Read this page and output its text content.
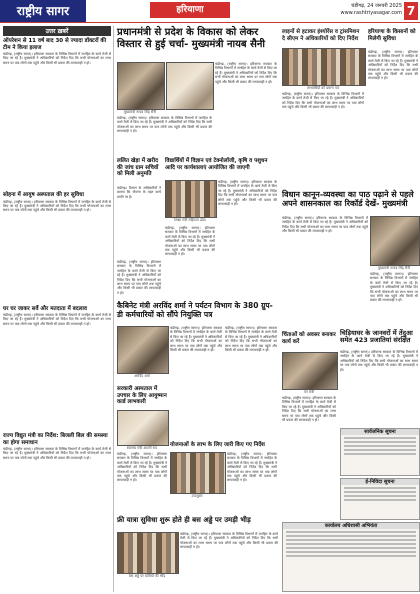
राष्ट्रीय सागर	हरियाणा	चंडीगढ़, 24 जनवरी 2025
www.rashtriyasagar.com 7
उत्तर ख़बरें
ऑपरेशन से 11 वर्ष बाद 30 से ज्यादा डॉक्टरों की टीम ने किया इलाज
चंडीगढ़, (राष्ट्रीय सागर)। हरियाणा सरकार के विभिन्न विभागों में जनहित के कार्य तेजी से किए जा रहे हैं। मुख्यमंत्री ने अधिकारियों को निर्देश दिए कि सभी योजनाओं का लाभ समय पर पात्र लोगों तक पहुंचे और किसी भी प्रकार की लापरवाही न हो।
सोहना में आयुष अस्पताल की हर सुविधा
चंडीगढ़, (राष्ट्रीय सागर)। हरियाणा सरकार के विभिन्न विभागों में जनहित के कार्य तेजी से किए जा रहे हैं। मुख्यमंत्री ने अधिकारियों को निर्देश दिए कि सभी योजनाओं का लाभ समय पर पात्र लोगों तक पहुंचे और किसी भी प्रकार की लापरवाही न हो।
घर घर जाकर सर्वे और मतदाता में बदलाव
चंडीगढ़, (राष्ट्रीय सागर)। हरियाणा सरकार के विभिन्न विभागों में जनहित के कार्य तेजी से किए जा रहे हैं। मुख्यमंत्री ने अधिकारियों को निर्देश दिए कि सभी योजनाओं का लाभ समय पर पात्र लोगों तक पहुंचे और किसी भी प्रकार की लापरवाही न हो।
राज्य विद्युत मंत्री का निर्देश: बिजली बिल की समस्या का होगा समाधान
चंडीगढ़, (राष्ट्रीय सागर)। हरियाणा सरकार के विभिन्न विभागों में जनहित के कार्य तेजी से किए जा रहे हैं। मुख्यमंत्री ने अधिकारियों को निर्देश दिए कि सभी योजनाओं का लाभ समय पर पात्र लोगों तक पहुंचे और किसी भी प्रकार की लापरवाही न हो।
प्रधानमंत्री से प्रदेश के विकास को लेकर विस्तार से हुई चर्चा- मुख्यमंत्री नायब सैनी
मुख्यमंत्री नायब सिंह सैनी
चंडीगढ़, (राष्ट्रीय सागर)। हरियाणा सरकार के विभिन्न विभागों में जनहित के कार्य तेजी से किए जा रहे हैं। मुख्यमंत्री ने अधिकारियों को निर्देश दिए कि सभी योजनाओं का लाभ समय पर पात्र लोगों तक पहुंचे और किसी भी प्रकार की लापरवाही न हो।
चंडीगढ़, (राष्ट्रीय सागर)। हरियाणा सरकार के विभिन्न विभागों में जनहित के कार्य तेजी से किए जा रहे हैं। मुख्यमंत्री ने अधिकारियों को निर्देश दिए कि सभी योजनाओं का लाभ समय पर पात्र लोगों तक पहुंचे और किसी भी प्रकार की लापरवाही न हो।
ललित खेड़ा में खरीद की जांच ग्राम सचिवों को मिली अनुमति
चंडीगढ़। विभाग के अधिकारियों ने बताया कि योजना के तहत कार्य प्रगति पर है।
चंडीगढ़, (राष्ट्रीय सागर)। हरियाणा सरकार के विभिन्न विभागों में जनहित के कार्य तेजी से किए जा रहे हैं। मुख्यमंत्री ने अधिकारियों को निर्देश दिए कि सभी योजनाओं का लाभ समय पर पात्र लोगों तक पहुंचे और किसी भी प्रकार की लापरवाही न हो।
विद्यार्थियों में विज्ञान एवं टेक्नोलॉजी, कृषि व पशुधन आदि पर कार्यशालाएं आयोजित की जाएगी
शिक्षा मंत्री महिपाल ढांडा
चंडीगढ़, (राष्ट्रीय सागर)। हरियाणा सरकार के विभिन्न विभागों में जनहित के कार्य तेजी से किए जा रहे हैं। मुख्यमंत्री ने अधिकारियों को निर्देश दिए कि सभी योजनाओं का लाभ समय पर पात्र लोगों तक पहुंचे और किसी भी प्रकार की लापरवाही न हो।
चंडीगढ़, (राष्ट्रीय सागर)। हरियाणा सरकार के विभिन्न विभागों में जनहित के कार्य तेजी से किए जा रहे हैं। मुख्यमंत्री ने अधिकारियों को निर्देश दिए कि सभी योजनाओं का लाभ समय पर पात्र लोगों तक पहुंचे और किसी भी प्रकार की लापरवाही न हो।
लाइनों से हटाकर इंश्योरेंस व ट्रांसमिशन दे सीएम ने अधिकारियों को दिए निर्देश
लाभार्थियों को प्रमाण पत्र
चंडीगढ़, (राष्ट्रीय सागर)। हरियाणा सरकार के विभिन्न विभागों में जनहित के कार्य तेजी से किए जा रहे हैं। मुख्यमंत्री ने अधिकारियों को निर्देश दिए कि सभी योजनाओं का लाभ समय पर पात्र लोगों तक पहुंचे और किसी भी प्रकार की लापरवाही न हो।
हरियाणा के किसानों को मिलेगी सुविधा
चंडीगढ़, (राष्ट्रीय सागर)। हरियाणा सरकार के विभिन्न विभागों में जनहित के कार्य तेजी से किए जा रहे हैं। मुख्यमंत्री ने अधिकारियों को निर्देश दिए कि सभी योजनाओं का लाभ समय पर पात्र लोगों तक पहुंचे और किसी भी प्रकार की लापरवाही न हो।
विधान कानून-व्यवस्था का पाठ पढ़ाने से पहले अपने शासनकाल का रिकॉर्ड देखें- मुख्यमंत्री
चंडीगढ़, (राष्ट्रीय सागर)। हरियाणा सरकार के विभिन्न विभागों में जनहित के कार्य तेजी से किए जा रहे हैं। मुख्यमंत्री ने अधिकारियों को निर्देश दिए कि सभी योजनाओं का लाभ समय पर पात्र लोगों तक पहुंचे और किसी भी प्रकार की लापरवाही न हो।
मुख्यमंत्री नायब सिंह सैनी
चंडीगढ़, (राष्ट्रीय सागर)। हरियाणा सरकार के विभिन्न विभागों में जनहित के कार्य तेजी से किए जा रहे हैं। मुख्यमंत्री ने अधिकारियों को निर्देश दिए कि सभी योजनाओं का लाभ समय पर पात्र लोगों तक पहुंचे और किसी भी प्रकार की लापरवाही न हो।
कैबिनेट मंत्री अरविंद शर्मा ने पर्यटन विभाग के 380 ग्रुप-डी कर्मचारियों को सौंपे नियुक्ति पत्र
अरविंद शर्मा
चंडीगढ़, (राष्ट्रीय सागर)। हरियाणा सरकार के विभिन्न विभागों में जनहित के कार्य तेजी से किए जा रहे हैं। मुख्यमंत्री ने अधिकारियों को निर्देश दिए कि सभी योजनाओं का लाभ समय पर पात्र लोगों तक पहुंचे और किसी भी प्रकार की लापरवाही न हो।
चंडीगढ़, (राष्ट्रीय सागर)। हरियाणा सरकार के विभिन्न विभागों में जनहित के कार्य तेजी से किए जा रहे हैं। मुख्यमंत्री ने अधिकारियों को निर्देश दिए कि सभी योजनाओं का लाभ समय पर पात्र लोगों तक पहुंचे और किसी भी प्रकार की लापरवाही न हो।
सरकारी अस्पताल में उपचार के लिए आयुष्मान कार्ड लाभकारी
स्वास्थ्य मंत्री आरती राव
चंडीगढ़, (राष्ट्रीय सागर)। हरियाणा सरकार के विभिन्न विभागों में जनहित के कार्य तेजी से किए जा रहे हैं। मुख्यमंत्री ने अधिकारियों को निर्देश दिए कि सभी योजनाओं का लाभ समय पर पात्र लोगों तक पहुंचे और किसी भी प्रकार की लापरवाही न हो।
योजनाओं के लाभ के लिए जारी किए गए निर्देश
उपायुक्त
चंडीगढ़, (राष्ट्रीय सागर)। हरियाणा सरकार के विभिन्न विभागों में जनहित के कार्य तेजी से किए जा रहे हैं। मुख्यमंत्री ने अधिकारियों को निर्देश दिए कि सभी योजनाओं का लाभ समय पर पात्र लोगों तक पहुंचे और किसी भी प्रकार की लापरवाही न हो।
चिंताओं को अवसर बनाकर कार्य करें
वन मंत्री
चंडीगढ़, (राष्ट्रीय सागर)। हरियाणा सरकार के विभिन्न विभागों में जनहित के कार्य तेजी से किए जा रहे हैं। मुख्यमंत्री ने अधिकारियों को निर्देश दिए कि सभी योजनाओं का लाभ समय पर पात्र लोगों तक पहुंचे और किसी भी प्रकार की लापरवाही न हो।
चिड़ियाघर के जानवरों में तेंदुआ समेत 423 प्रजातियां संरक्षित
चंडीगढ़, (राष्ट्रीय सागर)। हरियाणा सरकार के विभिन्न विभागों में जनहित के कार्य तेजी से किए जा रहे हैं। मुख्यमंत्री ने अधिकारियों को निर्देश दिए कि सभी योजनाओं का लाभ समय पर पात्र लोगों तक पहुंचे और किसी भी प्रकार की लापरवाही न हो।
सार्वजनिक सूचना
ई-निविदा सूचना
कार्यालय अधिशासी अभियंता
फ्री यात्रा सुविधा शुरू होते ही बस अड्डे पर उमड़ी भीड़
बस अड्डे पर यात्रियों की भीड़
चंडीगढ़, (राष्ट्रीय सागर)। हरियाणा सरकार के विभिन्न विभागों में जनहित के कार्य तेजी से किए जा रहे हैं। मुख्यमंत्री ने अधिकारियों को निर्देश दिए कि सभी योजनाओं का लाभ समय पर पात्र लोगों तक पहुंचे और किसी भी प्रकार की लापरवाही न हो।
